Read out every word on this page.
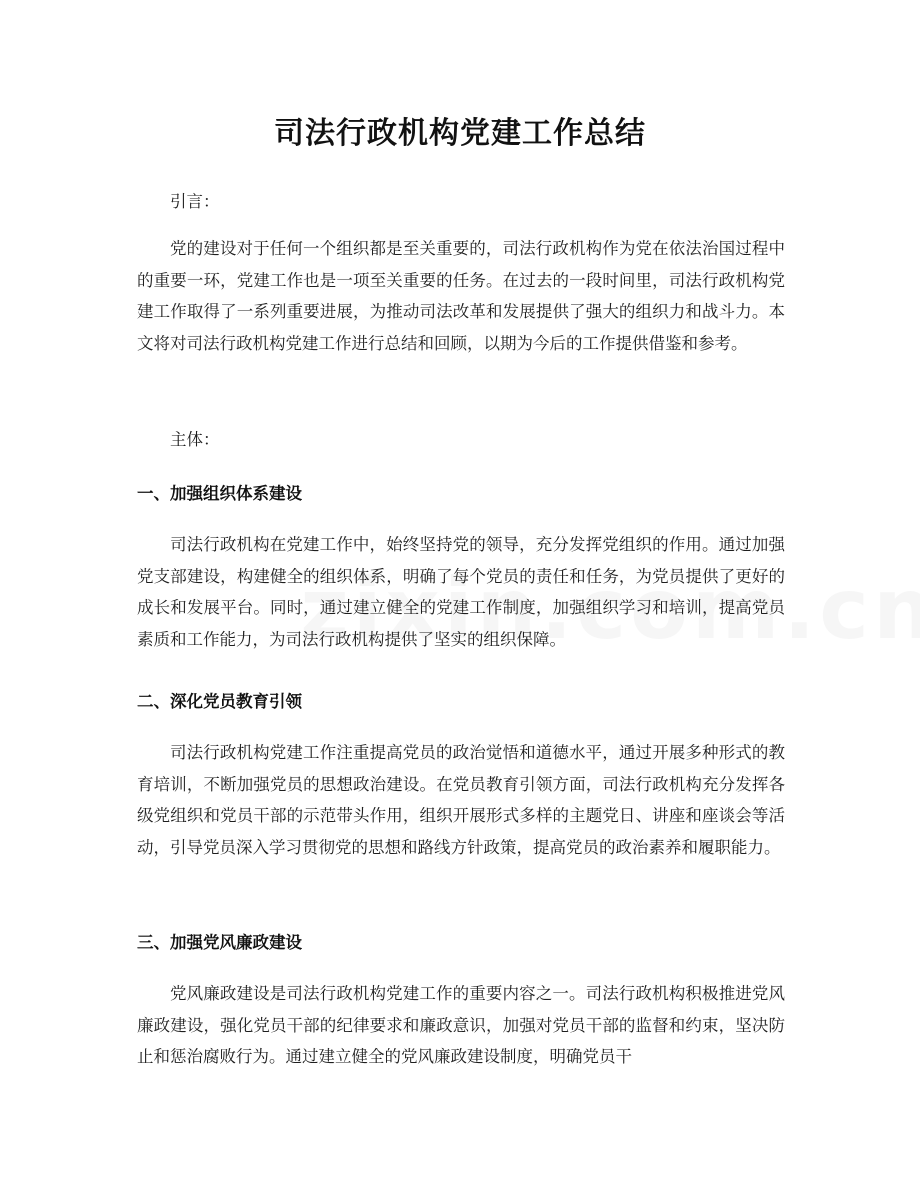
司法行政机构党建工作总结

引言：

党的建设对于任何一个组织都是至关重要的，司法行政机构作为党在依法治国过程中的重要一环，党建工作也是一项至关重要的任务。在过去的一段时间里，司法行政机构党建工作取得了一系列重要进展，为推动司法改革和发展提供了强大的组织力和战斗力。本文将对司法行政机构党建工作进行总结和回顾，以期为今后的工作提供借鉴和参考。

主体：

一、加强组织体系建设

司法行政机构在党建工作中，始终坚持党的领导，充分发挥党组织的作用。通过加强党支部建设，构建健全的组织体系，明确了每个党员的责任和任务，为党员提供了更好的成长和发展平台。同时，通过建立健全的党建工作制度，加强组织学习和培训，提高党员素质和工作能力，为司法行政机构提供了坚实的组织保障。

二、深化党员教育引领

司法行政机构党建工作注重提高党员的政治觉悟和道德水平，通过开展多种形式的教育培训，不断加强党员的思想政治建设。在党员教育引领方面，司法行政机构充分发挥各级党组织和党员干部的示范带头作用，组织开展形式多样的主题党日、讲座和座谈会等活动，引导党员深入学习贯彻党的思想和路线方针政策，提高党员的政治素养和履职能力。

三、加强党风廉政建设

党风廉政建设是司法行政机构党建工作的重要内容之一。司法行政机构积极推进党风廉政建设，强化党员干部的纪律要求和廉政意识，加强对党员干部的监督和约束，坚决防止和惩治腐败行为。通过建立健全的党风廉政建设制度，明确党员干
